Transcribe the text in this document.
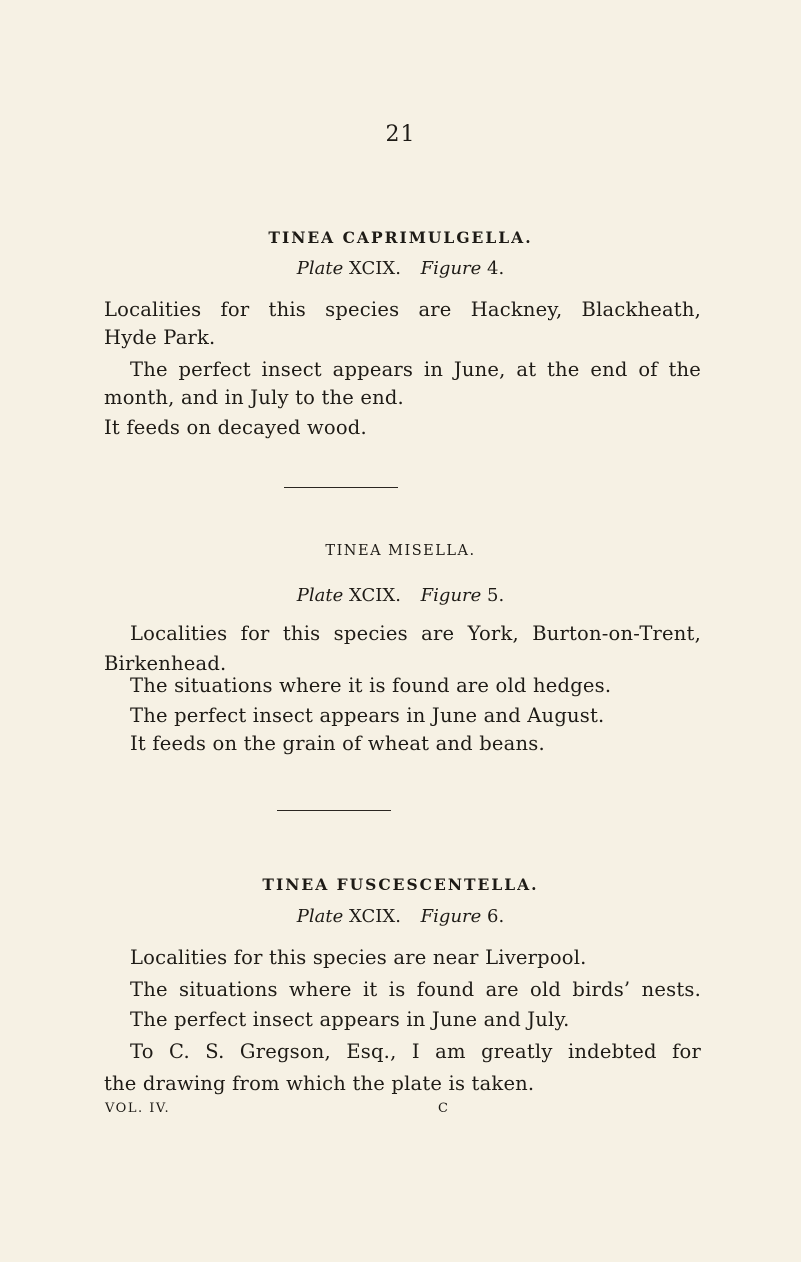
21
TINEA CAPRIMULGELLA.
Plate XCIX. Figure 4.
Localities for this species are Hackney, Blackheath,
Hyde Park.
The perfect insect appears in June, at the end of the
month, and in July to the end.
It feeds on decayed wood.
TINEA MISELLA.
Plate XCIX. Figure 5.
Localities for this species are York, Burton-on-Trent,
Birkenhead.
The situations where it is found are old hedges.
The perfect insect appears in June and August.
It feeds on the grain of wheat and beans.
TINEA FUSCESCENTELLA.
Plate XCIX. Figure 6.
Localities for this species are near Liverpool.
The situations where it is found are old birds’ nests.
The perfect insect appears in June and July.
To C. S. Gregson, Esq., I am greatly indebted for
the drawing from which the plate is taken.
VOL. IV.	C
